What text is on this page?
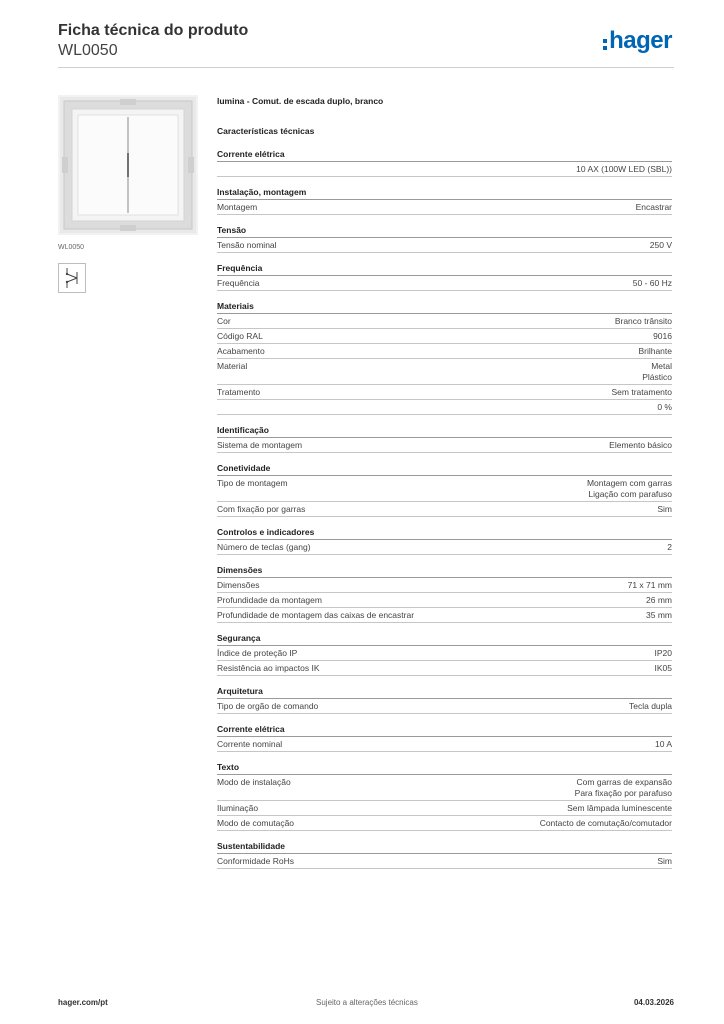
Ficha técnica do produto
WL0050	hager
WL0050
lumina - Comut. de escada duplo, branco
Características técnicas
Corrente elétrica
10 AX (100W LED (SBL))
Instalação, montagem
Montagem	Encastrar
Tensão
Tensão nominal	250 V
Frequência
Frequência	50 - 60 Hz
Materiais
Cor	Branco trânsito
Código RAL	9016
Acabamento	Brilhante
Material	Metal
Plástico
Tratamento	Sem tratamento
0 %
Identificação
Sistema de montagem	Elemento básico
Conetividade
Tipo de montagem	Montagem com garras
Ligação com parafuso
Com fixação por garras	Sim
Controlos e indicadores
Número de teclas (gang)	2
Dimensões
Dimensões	71 x 71 mm
Profundidade da montagem	26 mm
Profundidade de montagem das caixas de encastrar	35 mm
Segurança
Índice de proteção IP	IP20
Resistência ao impactos IK	IK05
Arquitetura
Tipo de orgão de comando	Tecla dupla
Corrente elétrica
Corrente nominal	10 A
Texto
Modo de instalação	Com garras de expansão
Para fixação por parafuso
Iluminação	Sem lâmpada luminescente
Modo de comutação	Contacto de comutação/comutador
Sustentabilidade
Conformidade RoHs	Sim
hager.com/pt	Sujeito a alterações técnicas	04.03.2026
